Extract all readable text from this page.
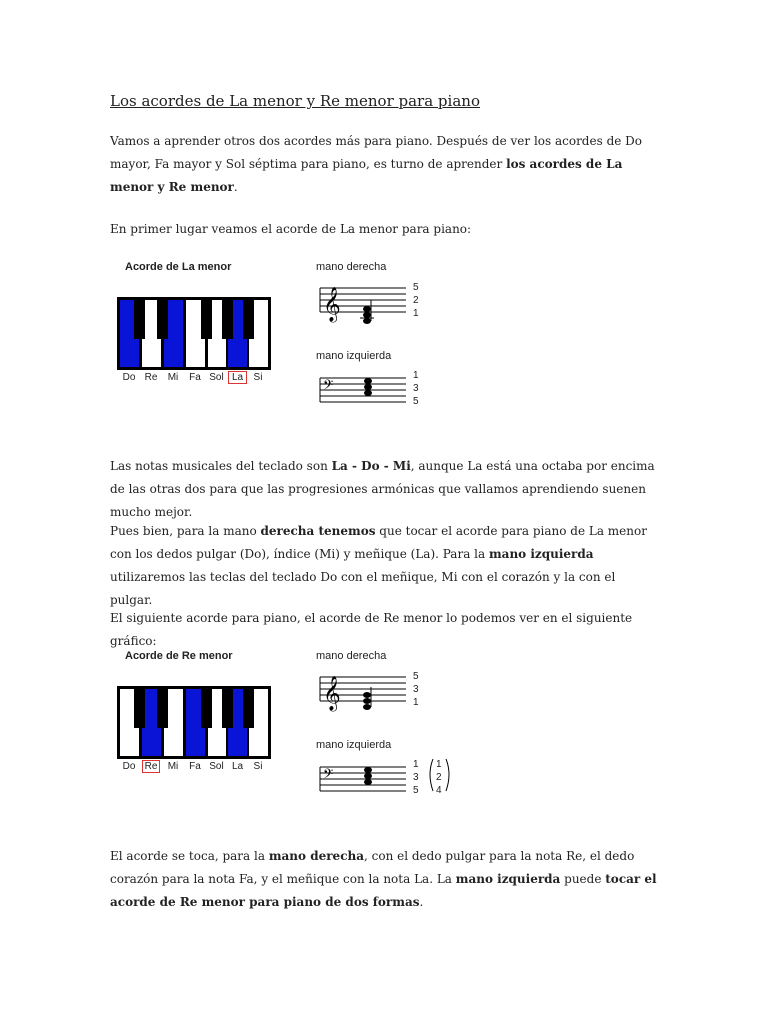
Los acordes de La menor y Re menor para piano

Vamos a aprender otros dos acordes más para piano. Después de ver los acordes de Do mayor, Fa mayor y Sol séptima para piano, es turno de aprender los acordes de La menor y Re menor.

En primer lugar veamos el acorde de La menor para piano:

Acorde de La menor
𝄞
𝄢
mano derecha
5
2
1
mano izquierda
1
3
5
Do Re	Mi	Fa Sol La	Si

Las notas musicales del teclado son La - Do - Mi, aunque La está una octaba por encima de las otras dos para que las progresiones armónicas que vallamos aprendiendo suenen mucho mejor.

Pues bien, para la mano derecha tenemos que tocar el acorde para piano de La menor con los dedos pulgar (Do), índice (Mi) y meñique (La). Para la mano izquierda utilizaremos las teclas del teclado Do con el meñique, Mi con el corazón y la con el pulgar.

El siguiente acorde para piano, el acorde de Re menor lo podemos ver en el siguiente gráfico:

Acorde de Re menor
𝄞
𝄢
mano derecha
5
3
1
mano izquierda
1
3
5
1
2
4
Do Re	Mi	Fa Sol La	Si

El acorde se toca, para la mano derecha, con el dedo pulgar para la nota Re, el dedo corazón para la nota Fa, y el meñique con la nota La. La mano izquierda puede tocar el acorde de Re menor para piano de dos formas.
